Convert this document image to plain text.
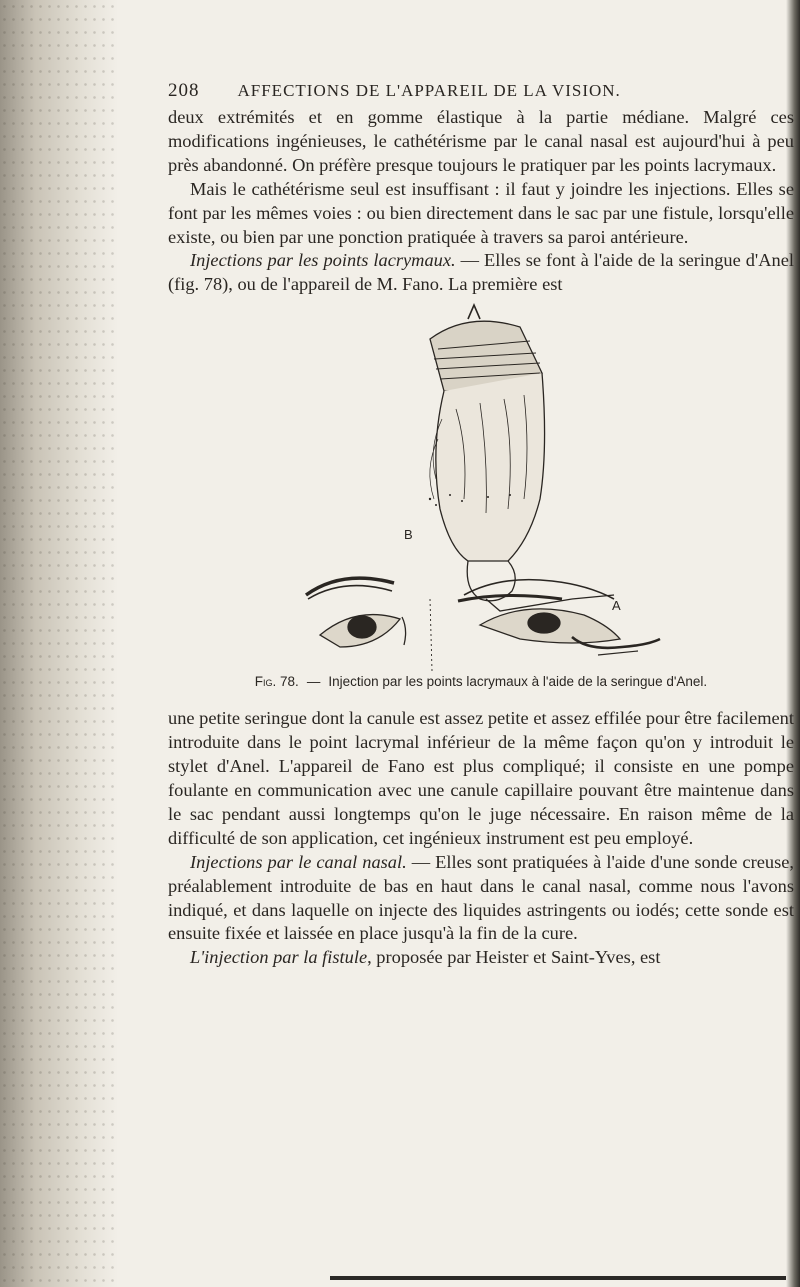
208 AFFECTIONS DE L'APPAREIL DE LA VISION.

deux extrémités et en gomme élastique à la partie médiane. Malgré ces modifications ingénieuses, le cathétérisme par le canal nasal est aujourd'hui à peu près abandonné. On préfère presque toujours le pratiquer par les points lacrymaux.

Mais le cathétérisme seul est insuffisant : il faut y joindre les injections. Elles se font par les mêmes voies : ou bien directement dans le sac par une fistule, lorsqu'elle existe, ou bien par une ponction pratiquée à travers sa paroi antérieure.

Injections par les points lacrymaux. — Elles se font à l'aide de la seringue d'Anel (fig. 78), ou de l'appareil de M. Fano. La première est

B
A
Fig. 78. — Injection par les points lacrymaux à l'aide de la seringue d'Anel.

une petite seringue dont la canule est assez petite et assez effilée pour être facilement introduite dans le point lacrymal inférieur de la même façon qu'on y introduit le stylet d'Anel. L'appareil de Fano est plus compliqué; il consiste en une pompe foulante en communication avec une canule capillaire pouvant être maintenue dans le sac pendant aussi longtemps qu'on le juge nécessaire. En raison même de la difficulté de son application, cet ingénieux instrument est peu employé.

Injections par le canal nasal. — Elles sont pratiquées à l'aide d'une sonde creuse, préalablement introduite de bas en haut dans le canal nasal, comme nous l'avons indiqué, et dans laquelle on injecte des liquides astringents ou iodés; cette sonde est ensuite fixée et laissée en place jusqu'à la fin de la cure.

L'injection par la fistule, proposée par Heister et Saint-Yves, est
